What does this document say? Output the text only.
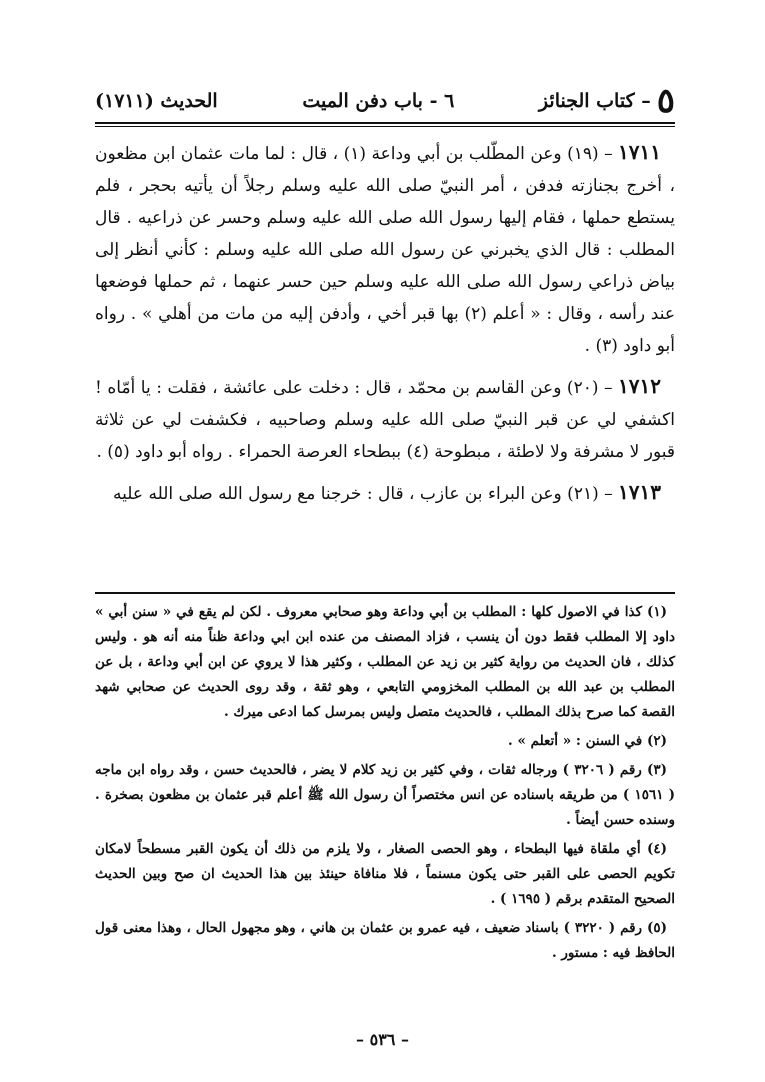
٥
– كتاب الجنائز
٦ - باب دفن الميت
الحديث (١٧١١)

١٧١١ – (١٩) وعن المطّلب بن أبي وداعة (١) ، قال : لما مات عثمان ابن مظعون ، أخرج بجنازته فدفن ، أمر النبيّ صلى الله عليه وسلم رجلاً أن يأتيه بحجر ، فلم يستطع حملها ، فقام إليها رسول الله صلى الله عليه وسلم وحسر عن ذراعيه . قال المطلب : قال الذي يخبرني عن رسول الله صلى الله عليه وسلم : كأني أنظر إلى بياض ذراعي رسول الله صلى الله عليه وسلم حين حسر عنهما ، ثم حملها فوضعها عند رأسه ، وقال : « أعلم (٢) بها قبر أخي ، وأدفن إليه من مات من أهلي » . رواه أبو داود (٣) .

١٧١٢ – (٢٠) وعن القاسم بن محمّد ، قال : دخلت على عائشة ، فقلت : يا أمّاه ! اكشفي لي عن قبر النبيّ صلى الله عليه وسلم وصاحبيه ، فكشفت لي عن ثلاثة قبور لا مشرفة ولا لاطئة ، مبطوحة (٤) ببطحاء العرصة الحمراء . رواه أبو داود (٥) .

١٧١٣ – (٢١) وعن البراء بن عازب ، قال : خرجنا مع رسول الله صلى الله عليه

(١) كذا في الاصول كلها : المطلب بن أبي وداعة وهو صحابي معروف . لكن لم يقع في « سنن أبي » داود إلا المطلب فقط دون أن ينسب ، فزاد المصنف من عنده ابن ابي وداعة ظناً منه أنه هو . وليس كذلك ، فان الحديث من رواية كثير بن زيد عن المطلب ، وكثير هذا لا يروي عن ابن أبي وداعة ، بل عن المطلب بن عبد الله بن المطلب المخزومي التابعي ، وهو ثقة ، وقد روى الحديث عن صحابي شهد القصة كما صرح بذلك المطلب ، فالحديث متصل وليس بمرسل كما ادعى ميرك .

(٢) في السنن : « أتعلم » .

(٣) رقم ( ٣٢٠٦ ) ورجاله ثقات ، وفي كثير بن زيد كلام لا يضر ، فالحديث حسن ، وقد رواه ابن ماجه ( ١٥٦١ ) من طريقه باسناده عن انس مختصراً أن رسول الله ﷺ أعلم قبر عثمان بن مظعون بصخرة . وسنده حسن أيضاً .

(٤) أي ملقاة فيها البطحاء ، وهو الحصى الصغار ، ولا يلزم من ذلك أن يكون القبر مسطحاً لامكان تكويم الحصى على القبر حتى يكون مسنماً ، فلا منافاة حينئذ بين هذا الحديث ان صح وبين الحديث الصحيح المتقدم برقم ( ١٦٩٥ ) .

(٥) رقم ( ٣٢٢٠ ) باسناد ضعيف ، فيه عمرو بن عثمان بن هاني ، وهو مجهول الحال ، وهذا معنى قول الحافظ فيه : مستور .

– ٥٣٦ –
